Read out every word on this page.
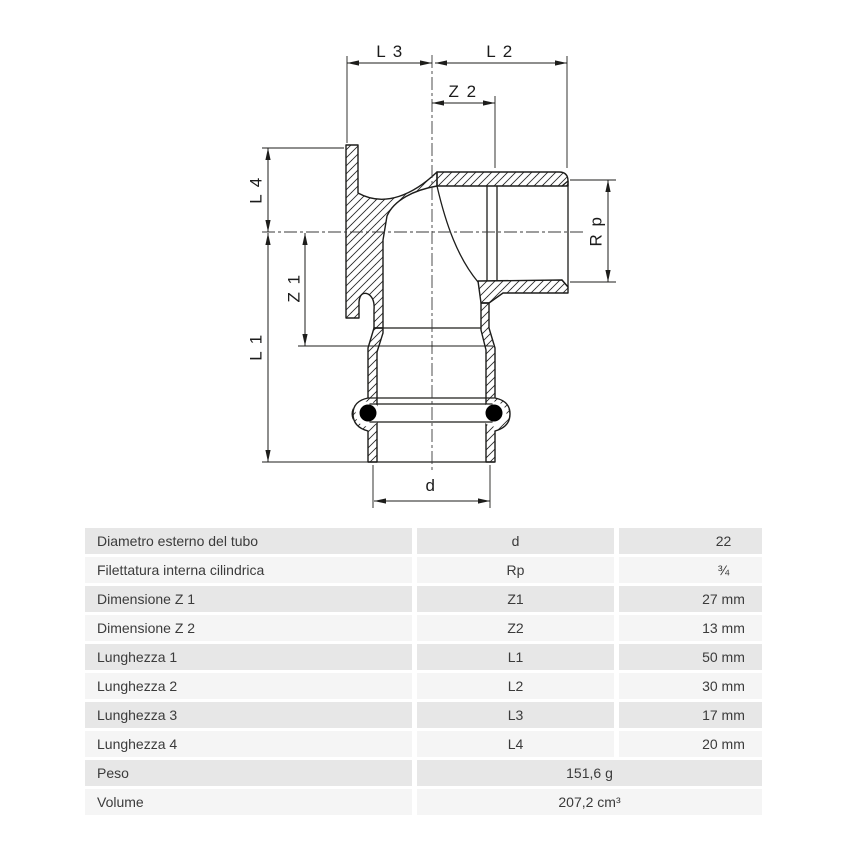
L 3	L 2
Z 2
L 4
Z 1
L 1
R p
d
Diametro esterno del tubo	d	22
Filettatura interna cilindrica	Rp	¾
Dimensione Z 1	Z1	27 mm
Dimensione Z 2	Z2	13 mm
Lunghezza 1	L1	50 mm
Lunghezza 2	L2	30 mm
Lunghezza 3	L3	17 mm
Lunghezza 4	L4	20 mm
Peso	151,6 g
Volume	207,2 cm³
